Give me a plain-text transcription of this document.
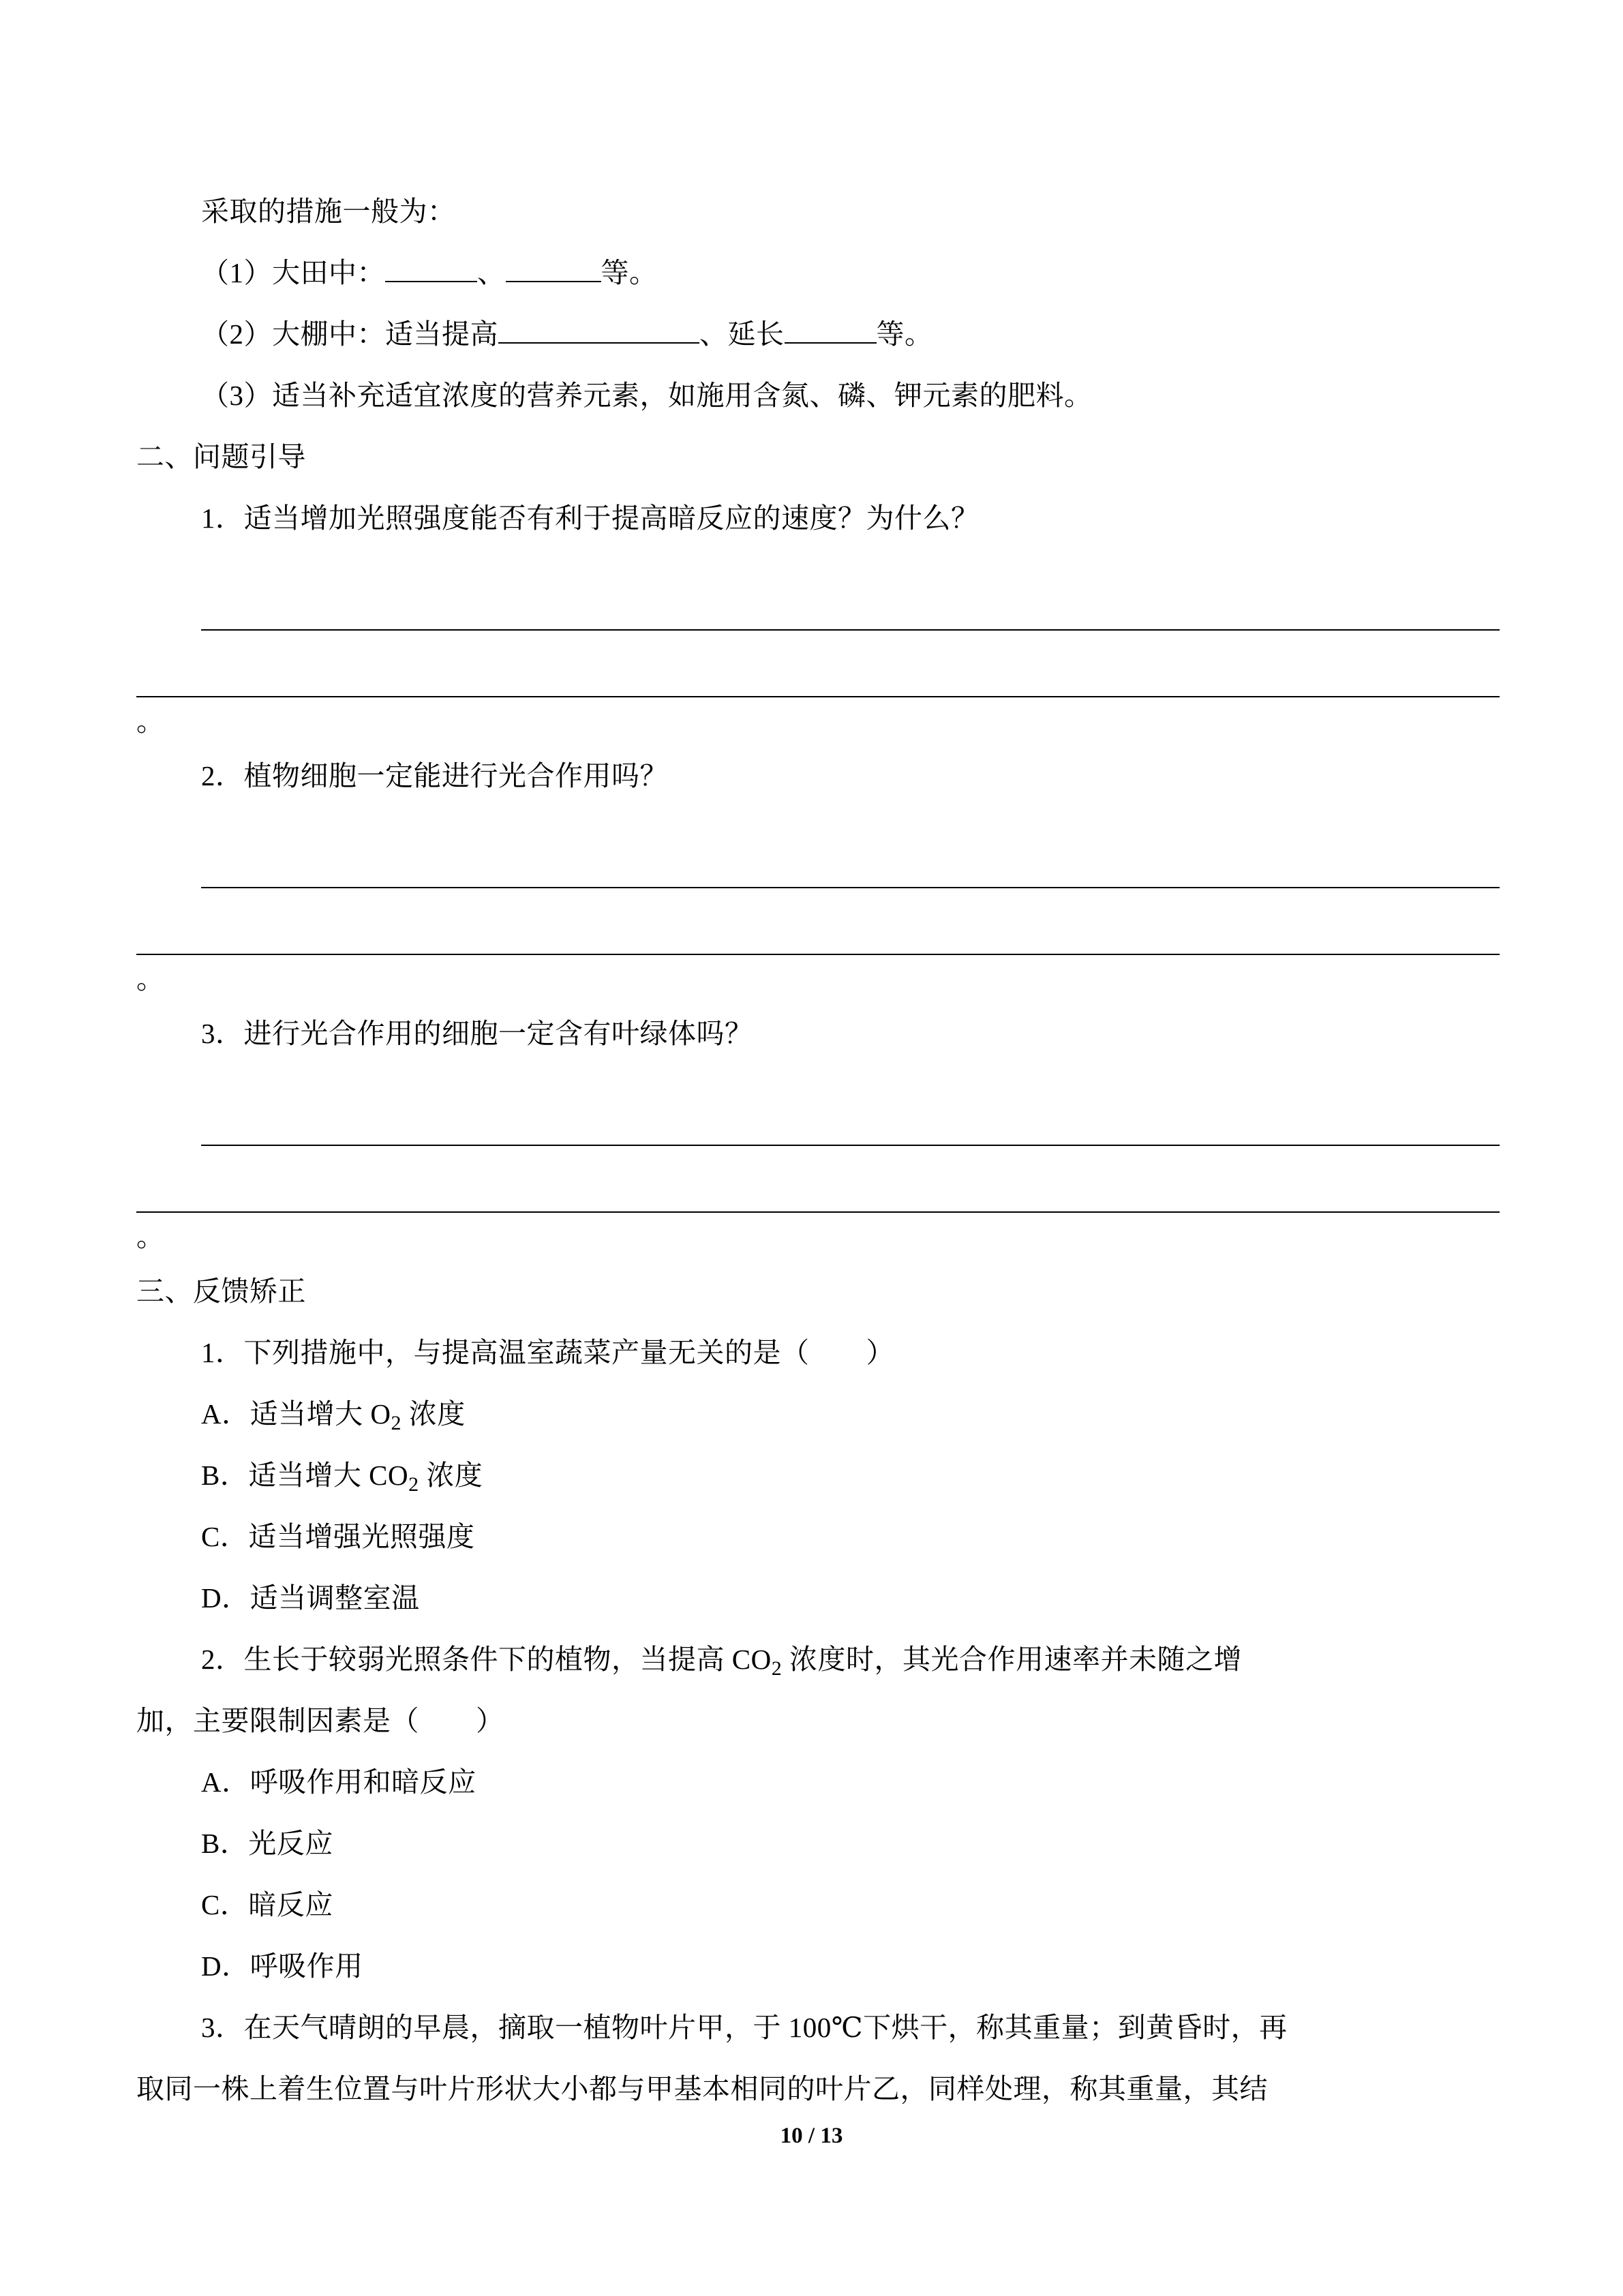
采取的措施一般为：
（1）大田中：	、	等。
（2）大棚中：适当提高	、延长	等。
（3）适当补充适宜浓度的营养元素，如施用含氮、磷、钾元素的肥料。
二、问题引导
1．适当增加光照强度能否有利于提高暗反应的速度？为什么？
。
2．植物细胞一定能进行光合作用吗？
。
3．进行光合作用的细胞一定含有叶绿体吗？
。
三、反馈矫正
1．下列措施中，与提高温室蔬菜产量无关的是（　　）
A．适当增大 $O_2$ 浓度
B．适当增大 $CO_2$ 浓度
C．适当增强光照强度
D．适当调整室温
2．生长于较弱光照条件下的植物，当提高 $CO_2$ 浓度时，其光合作用速率并未随之增
加，主要限制因素是（　　）
A．呼吸作用和暗反应
B．光反应
C．暗反应
D．呼吸作用
3．在天气晴朗的早晨，摘取一植物叶片甲，于 100℃下烘干，称其重量；到黄昏时，再
取同一株上着生位置与叶片形状大小都与甲基本相同的叶片乙，同样处理，称其重量，其结
10 / 13
